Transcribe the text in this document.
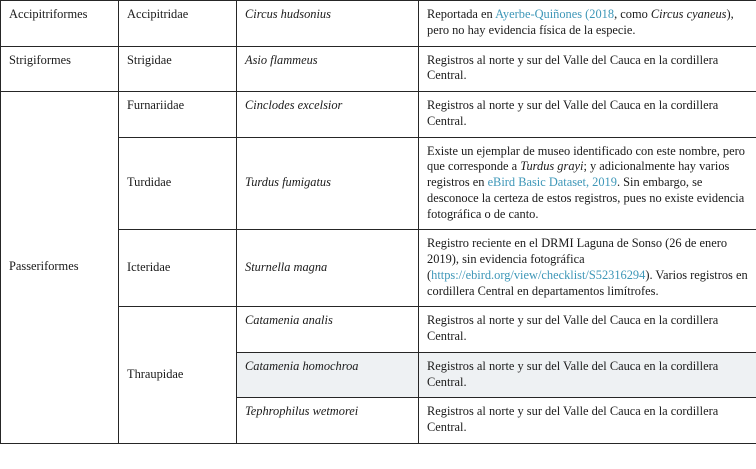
Accipitriformes	Accipitridae	Circus hudsonius	Reportada en Ayerbe-Quiñones (2018, como Circus cyaneus), pero no hay evidencia física de la especie.
Strigiformes	Strigidae	Asio flammeus	Registros al norte y sur del Valle del Cauca en la cordillera Central.
Passeriformes	Furnariidae	Cinclodes excelsior	Registros al norte y sur del Valle del Cauca en la cordillera Central.
	Turdidae	Turdus fumigatus	Existe un ejemplar de museo identificado con este nombre, pero que corresponde a Turdus grayi; y adicionalmente hay varios registros en eBird Basic Dataset, 2019. Sin embargo, se desconoce la certeza de estos registros, pues no existe evidencia fotográfica o de canto.
	Icteridae	Sturnella magna	Registro reciente en el DRMI Laguna de Sonso (26 de enero 2019), sin evidencia fotográfica (https://ebird.org/view/checklist/S52316294). Varios registros en cordillera Central en departamentos limítrofes.
	Thraupidae	Catamenia analis	Registros al norte y sur del Valle del Cauca en la cordillera Central.
		Catamenia homochroa	Registros al norte y sur del Valle del Cauca en la cordillera Central.
		Tephrophilus wetmorei	Registros al norte y sur del Valle del Cauca en la cordillera Central.
